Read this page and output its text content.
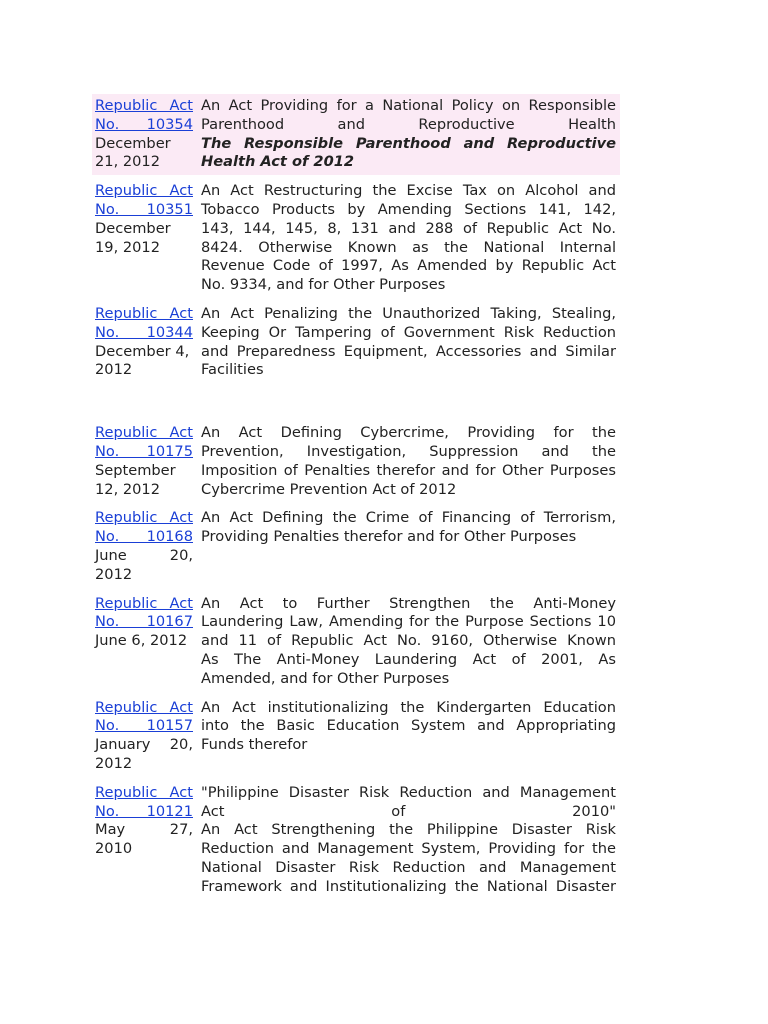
Republic Act
No. 10354
December
21, 2012
An Act Providing for a National Policy on Responsible
Parenthood and Reproductive Health
The Responsible Parenthood and Reproductive
Health Act of 2012
Republic Act
No. 10351
December
19, 2012
An Act Restructuring the Excise Tax on Alcohol and
Tobacco Products by Amending Sections 141, 142,
143, 144, 145, 8, 131 and 288 of Republic Act No.
8424. Otherwise Known as the National Internal
Revenue Code of 1997, As Amended by Republic Act
No. 9334, and for Other Purposes
Republic Act
No. 10344
December 4,
2012
An Act Penalizing the Unauthorized Taking, Stealing,
Keeping Or Tampering of Government Risk Reduction
and Preparedness Equipment, Accessories and Similar
Facilities
Republic Act
No. 10175
September
12, 2012
An Act Defining Cybercrime, Providing for the
Prevention, Investigation, Suppression and the
Imposition of Penalties therefor and for Other Purposes
Cybercrime Prevention Act of 2012
Republic Act
No. 10168
June 20,
2012
An Act Defining the Crime of Financing of Terrorism,
Providing Penalties therefor and for Other Purposes
Republic Act
No. 10167
June 6, 2012
An Act to Further Strengthen the Anti-Money
Laundering Law, Amending for the Purpose Sections 10
and 11 of Republic Act No. 9160, Otherwise Known
As The Anti-Money Laundering Act of 2001, As
Amended, and for Other Purposes
Republic Act
No. 10157
January 20,
2012
An Act institutionalizing the Kindergarten Education
into the Basic Education System and Appropriating
Funds therefor
Republic Act
No. 10121
May 27,
2010
"Philippine Disaster Risk Reduction and Management
Act of 2010"
An Act Strengthening the Philippine Disaster Risk
Reduction and Management System, Providing for the
National Disaster Risk Reduction and Management
Framework and Institutionalizing the National Disaster
